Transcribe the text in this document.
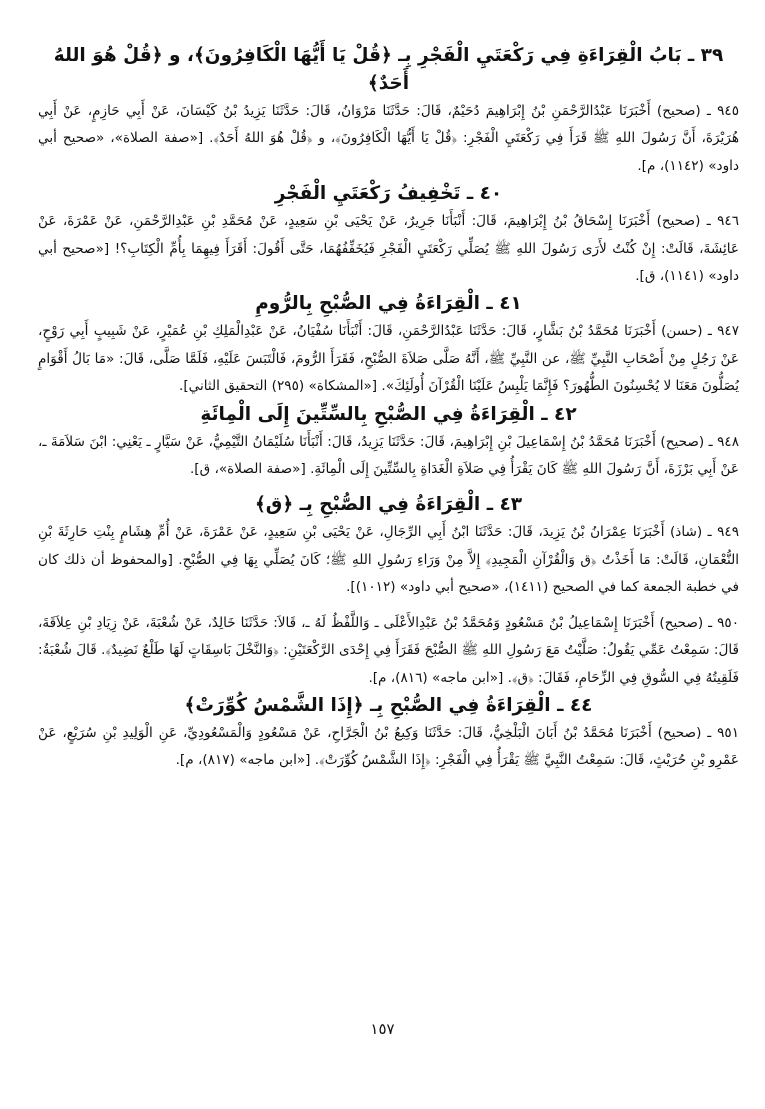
٣٩ ـ بَابُ الْقِرَاءَةِ فِي رَكْعَتَيِ الْفَجْرِ بِـ ﴿قُلْ يَا أَيُّهَا الْكَافِرُونَ﴾، و ﴿قُلْ هُوَ اللهُ أَحَدٌ﴾

٩٤٥ ـ (صحيح) أَخْبَرَنَا عَبْدُالرَّحْمَنِ بْنُ إِبْرَاهِيمَ دُحَيْمٌ، قَالَ: حَدَّثَنَا مَرْوَانُ، قَالَ: حَدَّثَنَا يَزِيدُ بْنُ كَيْسَانَ، عَنْ أَبِي حَازِمٍ، عَنْ أَبِي هُرَيْرَةَ، أَنَّ رَسُولَ اللهِ ﷺ قَرَأَ فِي رَكْعَتَيِ الْفَجْرِ: ﴿قُلْ يَا أَيُّهَا الْكَافِرُونَ﴾، و ﴿قُلْ هُوَ اللهُ أَحَدٌ﴾. [«صفة الصلاة»، «صحيح أبي داود» (١١٤٢)، م].

٤٠ ـ تَخْفِيفُ رَكْعَتَيِ الْفَجْرِ

٩٤٦ ـ (صحيح) أَخْبَرَنَا إِسْحَاقُ بْنُ إِبْرَاهِيمَ، قَالَ: أَنْبَأَنَا جَرِيرٌ، عَنْ يَحْيَى بْنِ سَعِيدٍ، عَنْ مُحَمَّدِ بْنِ عَبْدِالرَّحْمَنِ، عَنْ عَمْرَةَ، عَنْ عَائِشَةَ، قَالَتْ: إِنْ كُنْتُ لأَرَى رَسُولَ اللهِ ﷺ يُصَلِّي رَكْعَتَيِ الْفَجْرِ فَيُخَفِّفُهُمَا، حَتَّى أَقُولَ: أَقَرَأَ فِيهِمَا بِأُمِّ الْكِتَابِ؟! [«صحيح أبي داود» (١١٤١)، ق].

٤١ ـ الْقِرَاءَةُ فِي الصُّبْحِ بِالرُّومِ

٩٤٧ ـ (حسن) أَخْبَرَنَا مُحَمَّدُ بْنُ بَشَّارٍ، قَالَ: حَدَّثَنَا عَبْدُالرَّحْمَنِ، قَالَ: أَنْبَأَنَا سُفْيَانُ، عَنْ عَبْدِالْمَلِكِ بْنِ عُمَيْرٍ، عَنْ شَبِيبٍ أَبِي رَوْحٍ، عَنْ رَجُلٍ مِنْ أَصْحَابِ النَّبِيِّ ﷺ، عن النَّبِيِّ ﷺ، أَنَّهُ صَلَّى صَلاَةَ الصُّبْحِ، فَقَرَأَ الرُّومَ، فَالْتَبَسَ عَلَيْهِ، فَلَمَّا صَلَّى، قَالَ: «مَا بَالُ أَقْوَامٍ يُصَلُّونَ مَعَنَا لا يُحْسِنُونَ الطُّهُورَ؟ فَإِنَّمَا يَلْبِسُ عَلَيْنَا الْقُرْآنَ أُولَئِكَ». [«المشكاة» (٢٩٥) التحقيق الثاني].

٤٢ ـ الْقِرَاءَةُ فِي الصُّبْحِ بِالسِّتِّينَ إِلَى الْمِائَةِ

٩٤٨ ـ (صحيح) أَخْبَرَنَا مُحَمَّدُ بْنُ إِسْمَاعِيلَ بْنِ إِبْرَاهِيمَ، قَالَ: حَدَّثَنَا يَزِيدُ، قَالَ: أَنْبَأَنَا سُلَيْمَانُ التَّيْمِيُّ، عَنْ سَيَّارٍ ـ يَعْنِي: ابْنَ سَلاَمَةَ ـ، عَنْ أَبِي بَرْزَةَ، أَنَّ رَسُولَ اللهِ ﷺ كَانَ يَقْرَأُ فِي صَلاَةِ الْغَدَاةِ بِالسِّتِّينَ إِلَى الْمِائَةِ. [«صفة الصلاة»، ق].

٤٣ ـ الْقِرَاءَةُ فِي الصُّبْحِ بِـ ﴿ق﴾

٩٤٩ ـ (شاذ) أَخْبَرَنَا عِمْرَانُ بْنُ يَزِيدَ، قَالَ: حَدَّثَنَا ابْنُ أَبِي الرِّجَالِ، عَنْ يَحْيَى بْنِ سَعِيدٍ، عَنْ عَمْرَةَ، عَنْ أُمِّ هِشَامٍ بِنْتِ حَارِثَةَ بْنِ النُّعْمَانِ، قَالَتْ: مَا أَخَذْتُ ﴿ق وَالْقُرْآنِ الْمَجِيدِ﴾ إِلاَّ مِنْ وَرَاءِ رَسُولِ اللهِ ﷺ؛ كَانَ يُصَلِّي بِهَا فِي الصُّبْحِ. [والمحفوظ أن ذلك كان في خطبة الجمعة كما في الصحيح (١٤١١)، «صحيح أبي داود» (١٠١٢)].

٩٥٠ ـ (صحيح) أَخْبَرَنَا إِسْمَاعِيلُ بْنُ مَسْعُودٍ وَمُحَمَّدُ بْنُ عَبْدِالأَعْلَى ـ وَاللَّفْظُ لَهُ ـ، قَالاَ: حَدَّثَنَا خَالِدٌ، عَنْ شُعْبَةَ، عَنْ زِيَادِ بْنِ عِلاَقَةَ، قَالَ: سَمِعْتُ عَمِّي يَقُولُ: صَلَّيْتُ مَعَ رَسُولِ اللهِ ﷺ الصُّبْحَ فَقَرَأَ فِي إِحْدَى الرَّكْعَتَيْنِ: ﴿وَالنَّخْلَ بَاسِقَاتٍ لَهَا طَلْعٌ نَضِيدٌ﴾. قَالَ شُعْبَةُ: فَلَقِيتُهُ فِي السُّوقِ فِي الزِّحَامِ، فَقَالَ: ﴿ق﴾. [«ابن ماجه» (٨١٦)، م].

٤٤ ـ الْقِرَاءَةُ فِي الصُّبْحِ بِـ ﴿إِذَا الشَّمْسُ كُوِّرَتْ﴾

٩٥١ ـ (صحيح) أَخْبَرَنَا مُحَمَّدُ بْنُ أَبَانَ الْبَلْخِيُّ، قَالَ: حَدَّثَنَا وَكِيعُ بْنُ الْجَرَّاحِ، عَنْ مَسْعُودٍ وَالْمَسْعُودِيِّ، عَنِ الْوَلِيدِ بْنِ سُرَيْعٍ، عَنْ عَمْرِو بْنِ حُرَيْثٍ، قَالَ: سَمِعْتُ النَّبِيَّ ﷺ يَقْرَأُ فِي الْفَجْرِ: ﴿إِذَا الشَّمْسُ كُوِّرَتْ﴾. [«ابن ماجه» (٨١٧)، م].

١٥٧
